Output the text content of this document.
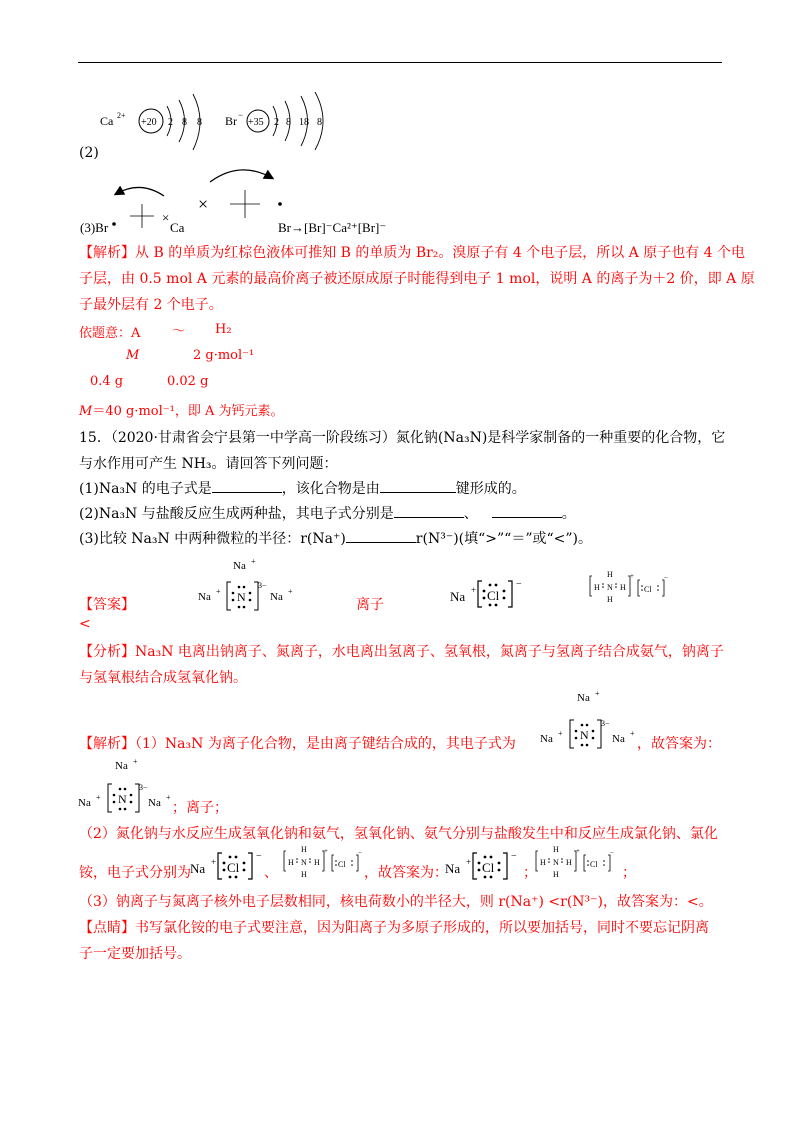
Ca 2+
+20 2 8 8 Br −
+35 2 8 18 8
(2)
(3)Br
×
Ca
×
Br→[Br]⁻Ca²⁺[Br]⁻
【解析】从 B 的单质为红棕色液体可推知 B 的单质为 Br₂。溴原子有 4 个电子层，所以 A 原子也有 4 个电
子层，由 0.5 mol A 元素的最高价离子被还原成原子时能得到电子 1 mol，说明 A 的离子为＋2 价，即 A 原
子最外层有 2 个电子。
依题意：A ～ H₂
M	2 g·mol⁻¹
0.4 g	0.02 g
M＝40 g·mol⁻¹，即 A 为钙元素。
15．（2020·甘肃省会宁县第一中学高一阶段练习）氮化钠(Na₃N)是科学家制备的一种重要的化合物，它
与水作用可产生 NH₃。请回答下列问题：
(1)Na₃N 的电子式是	，该化合物是由	键形成的。
(2)Na₃N 与盐酸反应生成两种盐，其电子式分别是	、	。
(3)比较 Na₃N 中两种微粒的半径：r(Na⁺)	r(N³⁻)(填“>”“＝”或“<”)。
【答案】
Na +
Na + N
3−
Na +
离子	Na + Cl
−
H
H N H
H
+
Cl
−
<
【分析】Na₃N 电离出钠离子、氮离子，水电离出氢离子、氢氧根，氮离子与氢离子结合成氨气，钠离子
与氢氧根结合成氢氧化钠。
【解析】（1）Na₃N 为离子化合物，是由离子键结合成的，其电子式为
Na +
Na + N
3−
Na +
，故答案为：
Na +
Na + N
3−
Na +
；离子；
（2）氮化钠与水反应生成氢氧化钠和氨气，氢氧化钠、氨气分别与盐酸发生中和反应生成氯化钠、氯化
铵，电子式分别为 Na + Cl
−
、
H
H N H
H
+
Cl
−
，故答案为：
Na + Cl
−
；
H
H N H
H
+
Cl
−
；
（3）钠离子与氮离子核外电子层数相同，核电荷数小的半径大，则 r(Na⁺) <r(N³⁻)，故答案为：<。
【点睛】书写氯化铵的电子式要注意，因为阳离子为多原子形成的，所以要加括号，同时不要忘记阴离
子一定要加括号。
